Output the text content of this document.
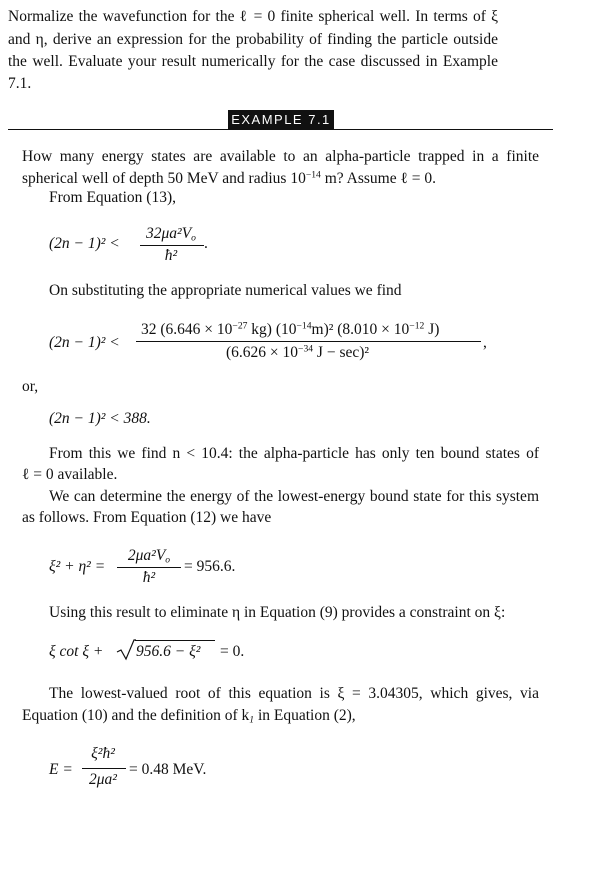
Normalize the wavefunction for the ℓ = 0 finite spherical well. In terms of ξ
and η, derive an expression for the probability of finding the particle outside
the well. Evaluate your result numerically for the case discussed in Example
7.1.
EXAMPLE 7.1
How many energy states are available to an alpha-particle trapped in a finite
spherical well of depth 50 MeV and radius $10^{-14}$ m? Assume ℓ = 0.
From Equation (13),
(2n − 1)² <
$32\mu a^2V_o$
ħ²
.
On substituting the appropriate numerical values we find
(2n − 1)² <
32 ($6.646 \times 10^{-27}$ kg) $(10^{-14}m)^2$ ($8.010 \times 10^{-12}$ J)
($6.626 \times 10^{-34}$ J − sec)²
,
or,
(2n − 1)² < 388.
From this we find n < 10.4: the alpha-particle has only ten bound states of
ℓ = 0 available.
We can determine the energy of the lowest-energy bound state for this system
as follows. From Equation (12) we have
ξ² + η² =
$2\mu a^2V_o$
ħ²
= 956.6.
Using this result to eliminate η in Equation (9) provides a constraint on ξ:
ξ cot ξ + 956.6 − ξ² = 0.
The lowest-valued root of this equation is ξ = 3.04305, which gives, via
Equation (10) and the definition of $k_1$ in Equation (2),
E =
ξ²ħ²
2μa²
= 0.48 MeV.
